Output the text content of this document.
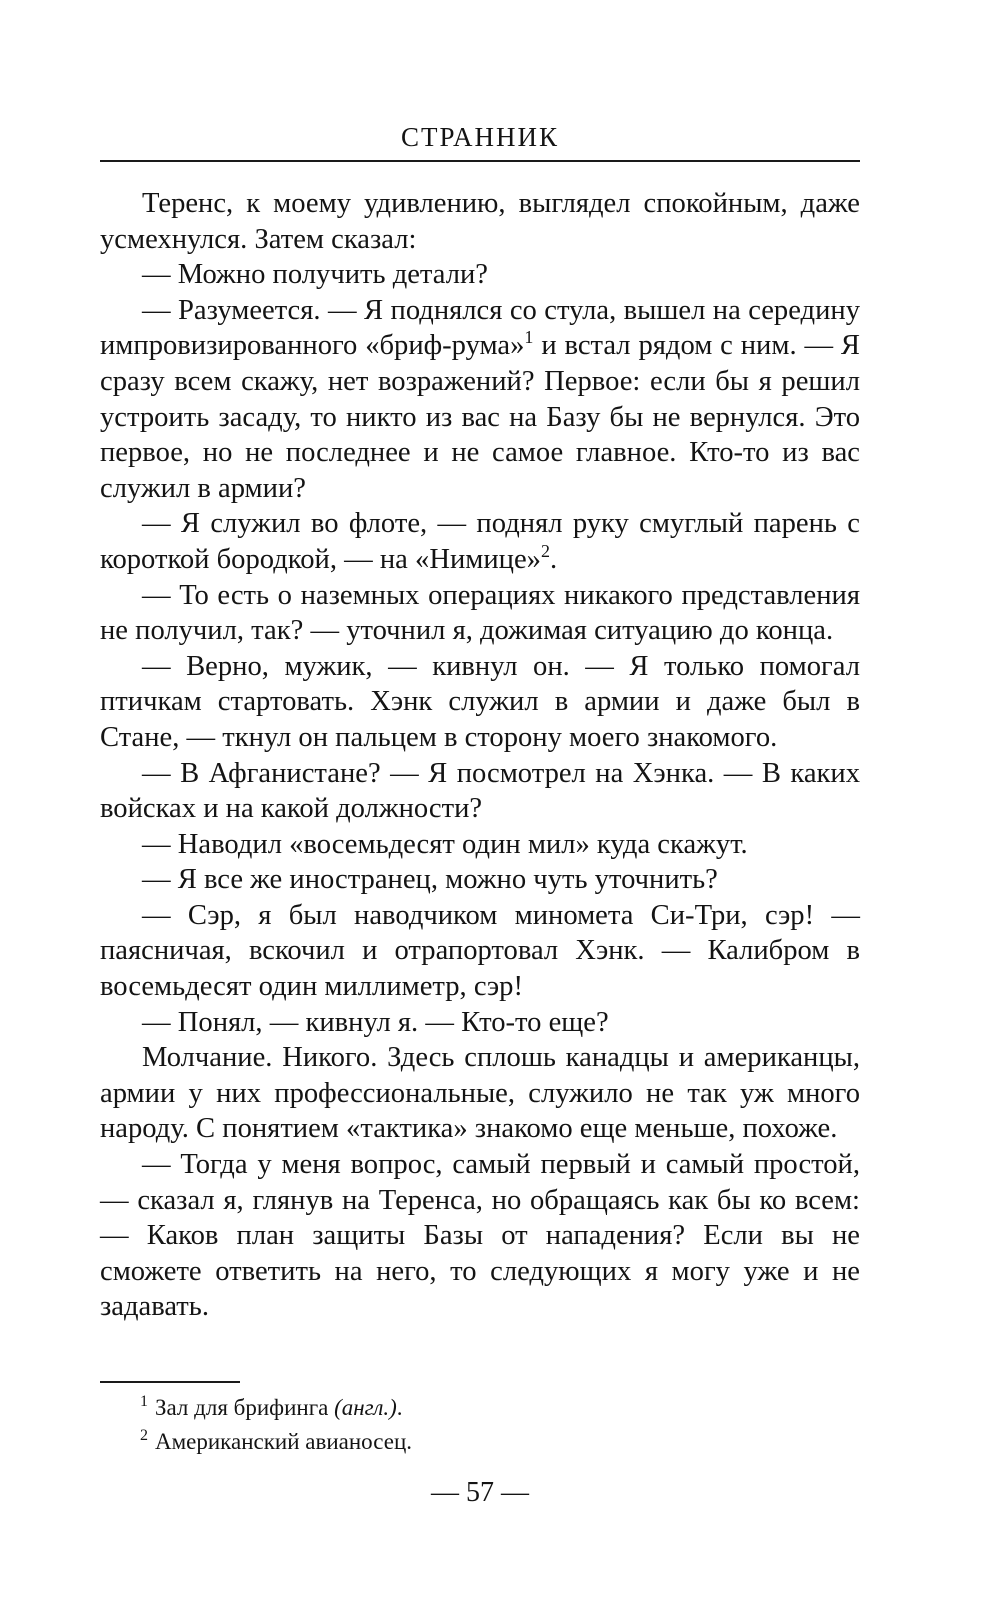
СТРАННИК

Теренс, к моему удивлению, выглядел спокойным, даже усмехнулся. Затем сказал:

— Можно получить детали?

— Разумеется. — Я поднялся со стула, вышел на середину импровизированного «бриф-рума»$^1$ и встал рядом с ним. — Я сразу всем скажу, нет возражений? Первое: если бы я решил устроить засаду, то никто из вас на Базу бы не вернулся. Это первое, но не последнее и не самое главное. Кто-то из вас служил в армии?

— Я служил во флоте, — поднял руку смуглый парень с короткой бородкой, — на «Нимице»$^2$.

— То есть о наземных операциях никакого представления не получил, так? — уточнил я, дожимая ситуацию до конца.

— Верно, мужик, — кивнул он. — Я только помогал птичкам стартовать. Хэнк служил в армии и даже был в Стане, — ткнул он пальцем в сторону моего знакомого.

— В Афганистане? — Я посмотрел на Хэнка. — В каких войсках и на какой должности?

— Наводил «восемьдесят один мил» куда скажут.

— Я все же иностранец, можно чуть уточнить?

— Сэр, я был наводчиком миномета Си-Три, сэр! — паясничая, вскочил и отрапортовал Хэнк. — Калибром в восемьдесят один миллиметр, сэр!

— Понял, — кивнул я. — Кто-то еще?

Молчание. Никого. Здесь сплошь канадцы и американцы, армии у них профессиональные, служило не так уж много народу. С понятием «тактика» знакомо еще меньше, похоже.

— Тогда у меня вопрос, самый первый и самый простой, — сказал я, глянув на Теренса, но обращаясь как бы ко всем: — Каков план защиты Базы от нападения? Если вы не сможете ответить на него, то следующих я могу уже и не задавать.

$^1$ Зал для брифинга (англ.).

$^2$ Американский авианосец.

— 57 —
